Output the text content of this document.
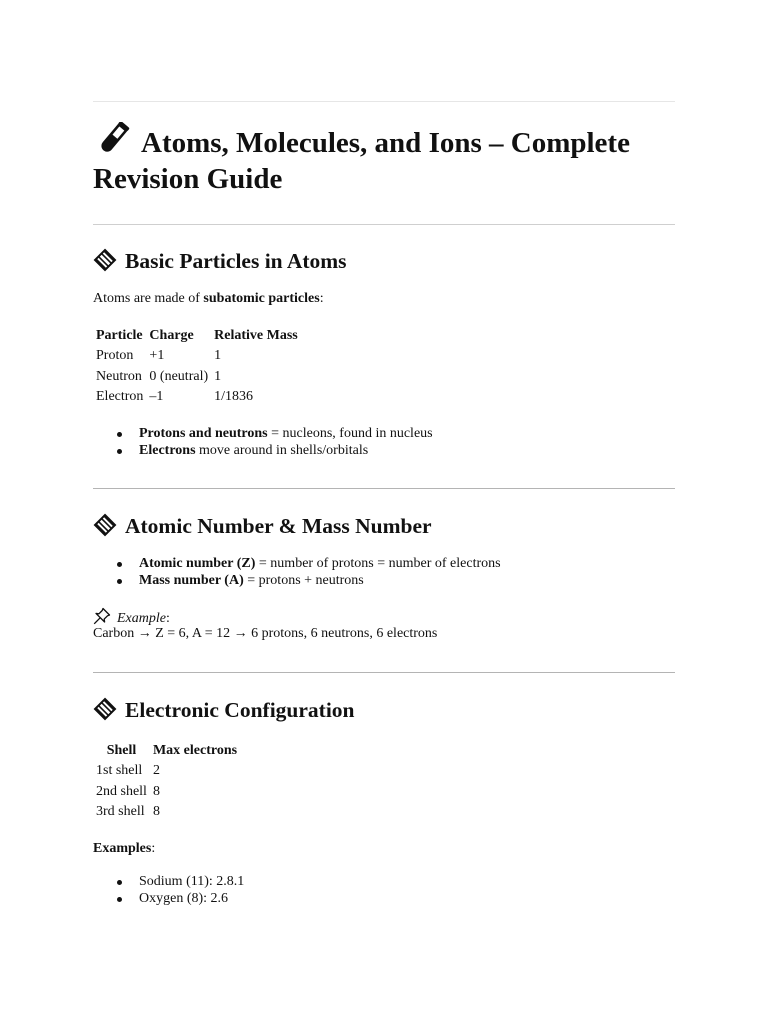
Atoms, Molecules, and Ions – Complete Revision Guide
Basic Particles in Atoms

Atoms are made of subatomic particles:

Particle	Charge	Relative Mass
Proton	+1	1
Neutron	0 (neutral)	1
Electron	–1	1/1836
Protons and neutrons = nucleons, found in nucleus
Electrons move around in shells/orbitals
Atomic Number & Mass Number
Atomic number (Z) = number of protons = number of electrons
Mass number (A) = protons + neutrons

Example:

Carbon → Z = 6, A = 12 → 6 protons, 6 neutrons, 6 electrons

Electronic Configuration
Shell	Max electrons
1st shell	2
2nd shell	8
3rd shell	8

Examples:

Sodium (11): 2.8.1
Oxygen (8): 2.6
